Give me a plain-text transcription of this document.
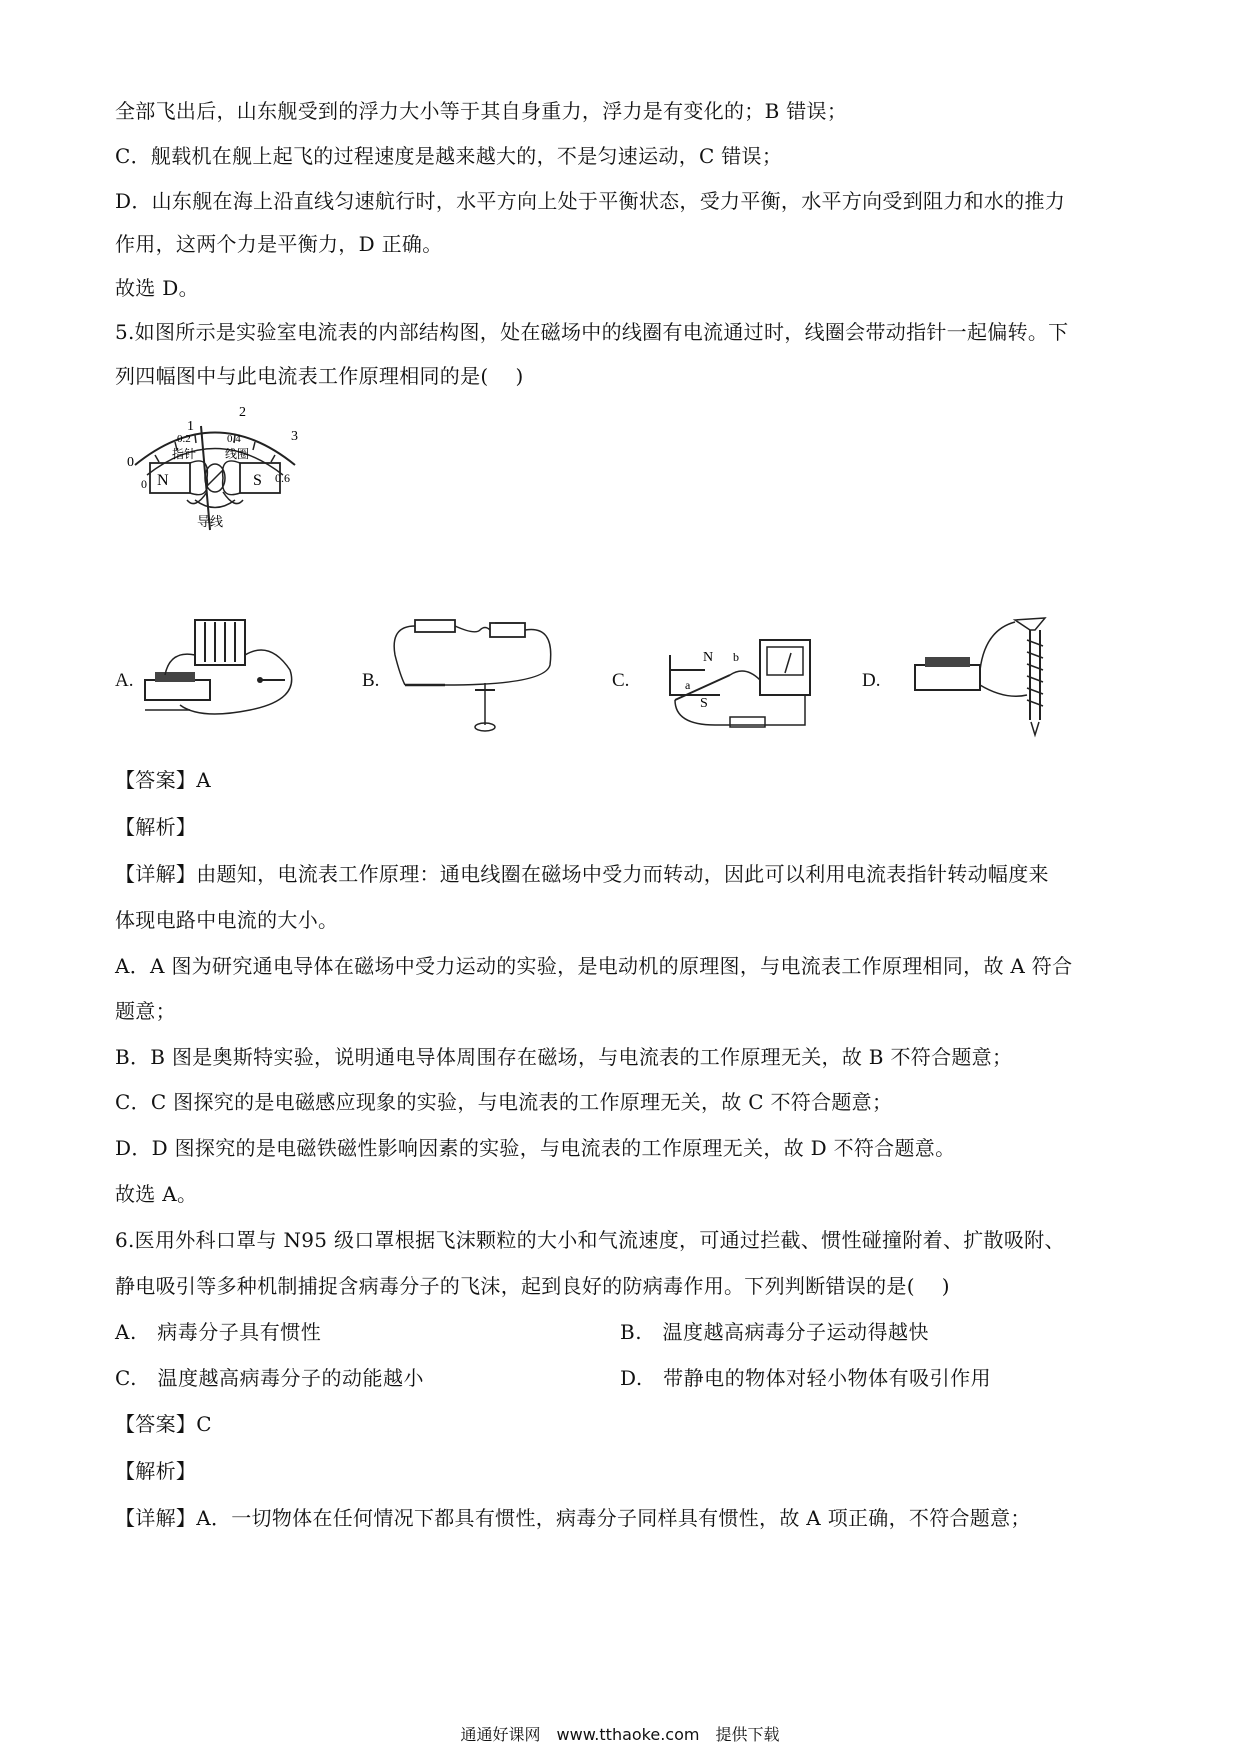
全部飞出后，山东舰受到的浮力大小等于其自身重力，浮力是有变化的；B 错误；
C．舰载机在舰上起飞的过程速度是越来越大的，不是匀速运动，C 错误；
D．山东舰在海上沿直线匀速航行时，水平方向上处于平衡状态，受力平衡，水平方向受到阻力和水的推力
作用，这两个力是平衡力，D 正确。
故选 D。
5.如图所示是实验室电流表的内部结构图，处在磁场中的线圈有电流通过时，线圈会带动指针一起偏转。下
列四幅图中与此电流表工作原理相同的是(　 )
0
1
2
3
0
0.2	0.4
0.6
指针 线圈
N	S
导线
A.	B.	C.
N
S
a
b
D.
【答案】A
【解析】
【详解】由题知，电流表工作原理：通电线圈在磁场中受力而转动，因此可以利用电流表指针转动幅度来
体现电路中电流的大小。
A．A 图为研究通电导体在磁场中受力运动的实验，是电动机的原理图，与电流表工作原理相同，故 A 符合
题意；
B．B 图是奥斯特实验，说明通电导体周围存在磁场，与电流表的工作原理无关，故 B 不符合题意；
C．C 图探究的是电磁感应现象的实验，与电流表的工作原理无关，故 C 不符合题意；
D．D 图探究的是电磁铁磁性影响因素的实验，与电流表的工作原理无关，故 D 不符合题意。
故选 A。
6.医用外科口罩与 N95 级口罩根据飞沫颗粒的大小和气流速度，可通过拦截、惯性碰撞附着、扩散吸附、
静电吸引等多种机制捕捉含病毒分子的飞沫，起到良好的防病毒作用。下列判断错误的是(　 )
A.　病毒分子具有惯性	B.　温度越高病毒分子运动得越快
C.　温度越高病毒分子的动能越小	D.　带静电的物体对轻小物体有吸引作用
【答案】C
【解析】
【详解】A．一切物体在任何情况下都具有惯性，病毒分子同样具有惯性，故 A 项正确，不符合题意；
通通好课网　www.tthaoke.com　提供下载
